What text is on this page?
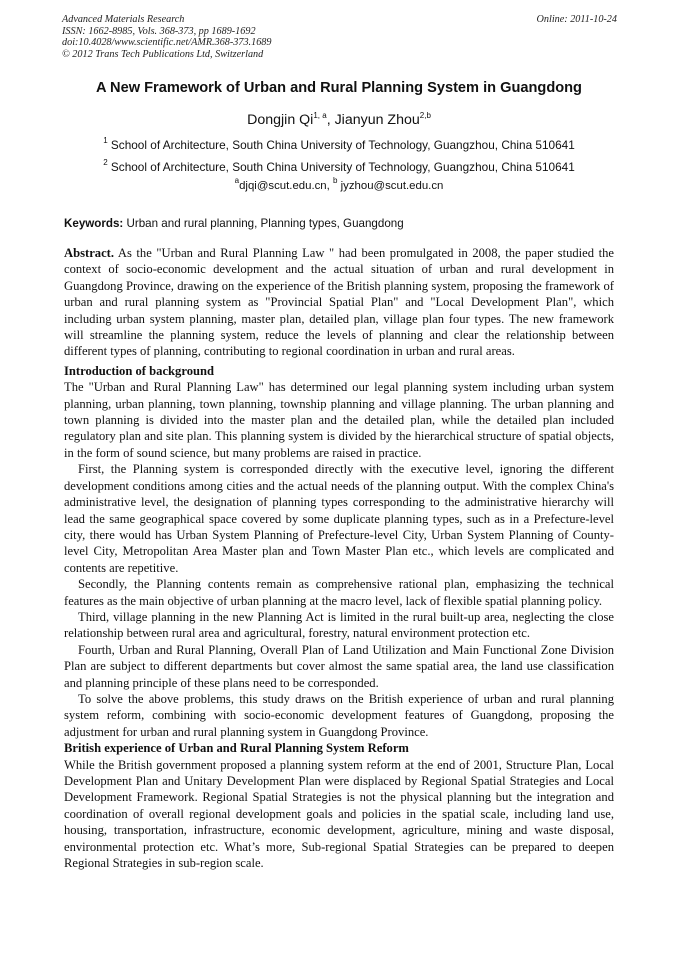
Advanced Materials Research
ISSN: 1662-8985, Vols. 368-373, pp 1689-1692
doi:10.4028/www.scientific.net/AMR.368-373.1689
© 2012 Trans Tech Publications Ltd, Switzerland
Online: 2011-10-24
A New Framework of Urban and Rural Planning System in Guangdong
Dongjin Qi$^{1, a}$, Jianyun Zhou$^{2,b}$
$^1$ School of Architecture, South China University of Technology, Guangzhou, China 510641
$^2$ School of Architecture, South China University of Technology, Guangzhou, China 510641
$^a$djqi@scut.edu.cn, $^b$ jyzhou@scut.edu.cn
Keywords: Urban and rural planning, Planning types, Guangdong

Abstract. As the "Urban and Rural Planning Law " had been promulgated in 2008, the paper studied the context of socio-economic development and the actual situation of urban and rural development in Guangdong Province, drawing on the experience of the British planning system, proposing the framework of urban and rural planning system as "Provincial Spatial Plan" and "Local Development Plan", which including urban system planning, master plan, detailed plan, village plan four types. The new framework will streamline the planning system, reduce the levels of planning and clear the relationship between different types of planning, contributing to regional coordination in urban and rural areas.

Introduction of background

The "Urban and Rural Planning Law" has determined our legal planning system including urban system planning, urban planning, town planning, township planning and village planning. The urban planning and town planning is divided into the master plan and the detailed plan, while the detailed plan included regulatory plan and site plan. This planning system is divided by the hierarchical structure of spatial objects, in the form of sound science, but many problems are raised in practice.

First, the Planning system is corresponded directly with the executive level, ignoring the different development conditions among cities and the actual needs of the planning output. With the complex China's administrative level, the designation of planning types corresponding to the administrative hierarchy will lead the same geographical space covered by some duplicate planning types, such as in a Prefecture-level city, there would has Urban System Planning of Prefecture-level City, Urban System Planning of County-level City, Metropolitan Area Master plan and Town Master Plan etc., which levels are complicated and contents are repetitive.

Secondly, the Planning contents remain as comprehensive rational plan, emphasizing the technical features as the main objective of urban planning at the macro level, lack of flexible spatial planning policy.

Third, village planning in the new Planning Act is limited in the rural built-up area, neglecting the close relationship between rural area and agricultural, forestry, natural environment protection etc.

Fourth, Urban and Rural Planning, Overall Plan of Land Utilization and Main Functional Zone Division Plan are subject to different departments but cover almost the same spatial area, the land use classification and planning principle of these plans need to be corresponded.

To solve the above problems, this study draws on the British experience of urban and rural planning system reform, combining with socio-economic development features of Guangdong, proposing the adjustment for urban and rural planning system in Guangdong Province.

British experience of Urban and Rural Planning System Reform

While the British government proposed a planning system reform at the end of 2001, Structure Plan, Local Development Plan and Unitary Development Plan were displaced by Regional Spatial Strategies and Local Development Framework. Regional Spatial Strategies is not the physical planning but the integration and coordination of overall regional development goals and policies in the spatial scale, including land use, housing, transportation, infrastructure, economic development, agriculture, mining and waste disposal, environmental protection etc. What’s more, Sub-regional Spatial Strategies can be prepared to deepen Regional Strategies in sub-region scale.
